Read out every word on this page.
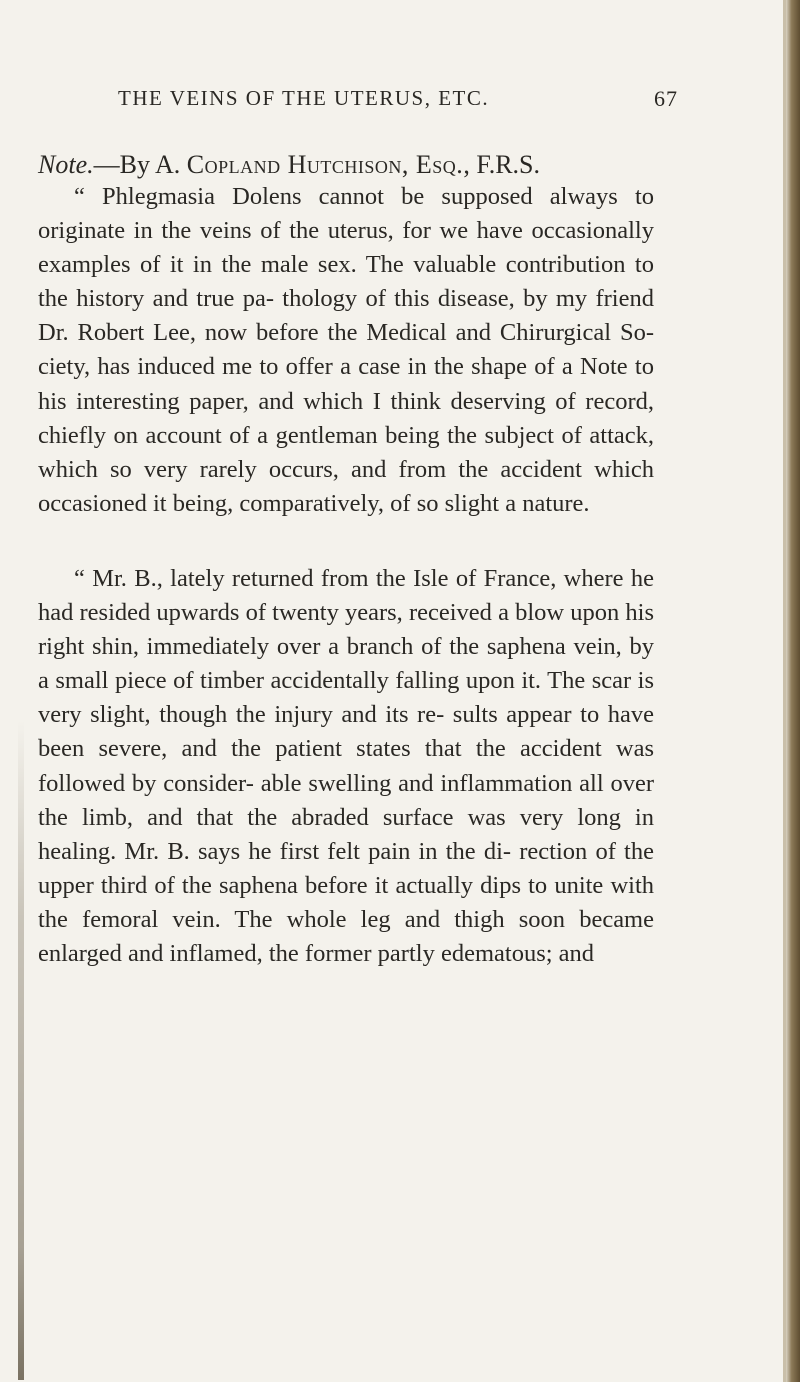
THE VEINS OF THE UTERUS, ETC.	67
Note.—By A. Copland Hutchison, Esq., F.R.S.

“ Phlegmasia Dolens cannot be supposed always to originate in the veins of the uterus, for we have occasionally examples of it in the male sex. The valuable contribution to the history and true pa- thology of this disease, by my friend Dr. Robert Lee, now before the Medical and Chirurgical So- ciety, has induced me to offer a case in the shape of a Note to his interesting paper, and which I think deserving of record, chiefly on account of a gentleman being the subject of attack, which so very rarely occurs, and from the accident which occasioned it being, comparatively, of so slight a nature.

“ Mr. B., lately returned from the Isle of France, where he had resided upwards of twenty years, received a blow upon his right shin, immediately over a branch of the saphena vein, by a small piece of timber accidentally falling upon it. The scar is very slight, though the injury and its re- sults appear to have been severe, and the patient states that the accident was followed by consider- able swelling and inflammation all over the limb, and that the abraded surface was very long in healing. Mr. B. says he first felt pain in the di- rection of the upper third of the saphena before it actually dips to unite with the femoral vein. The whole leg and thigh soon became enlarged and inflamed, the former partly edematous; and
